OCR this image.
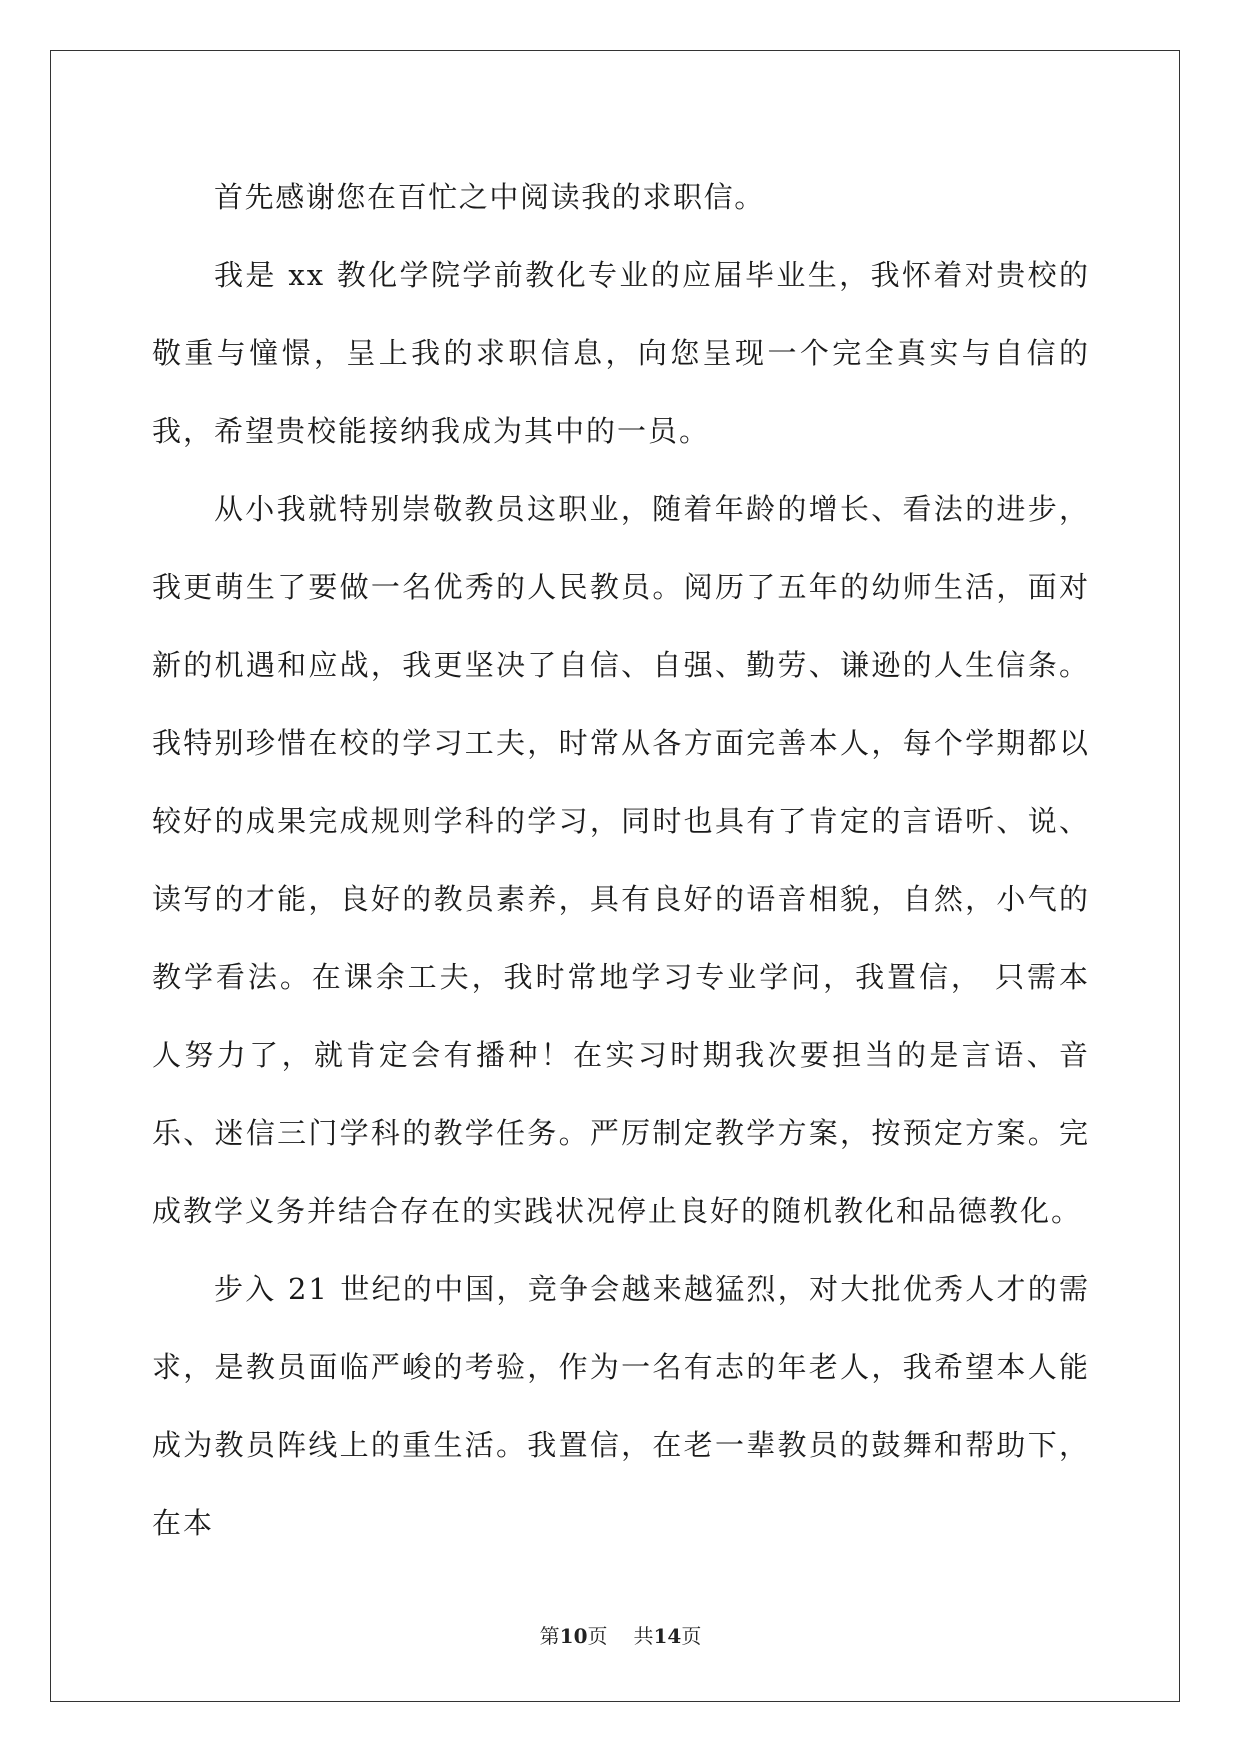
首先感谢您在百忙之中阅读我的求职信。

我是 xx 教化学院学前教化专业的应届毕业生，我怀着对贵校的敬重与憧憬，呈上我的求职信息，向您呈现一个完全真实与自信的我，希望贵校能接纳我成为其中的一员。

从小我就特别崇敬教员这职业，随着年龄的增长、看法的进步，我更萌生了要做一名优秀的人民教员。阅历了五年的幼师生活，面对新的机遇和应战，我更坚决了自信、自强、勤劳、谦逊的人生信条。我特别珍惜在校的学习工夫，时常从各方面完善本人，每个学期都以较好的成果完成规则学科的学习，同时也具有了肯定的言语听、说、读写的才能，良好的教员素养，具有良好的语音相貌，自然，小气的教学看法。在课余工夫，我时常地学习专业学问，我置信， 只需本人努力了，就肯定会有播种！在实习时期我次要担当的是言语、音乐、迷信三门学科的教学任务。严厉制定教学方案，按预定方案。完成教学义务并结合存在的实践状况停止良好的随机教化和品德教化。

步入 21 世纪的中国，竞争会越来越猛烈，对大批优秀人才的需求，是教员面临严峻的考验，作为一名有志的年老人，我希望本人能成为教员阵线上的重生活。我置信，在老一辈教员的鼓舞和帮助下，在本

第10页 共14页
